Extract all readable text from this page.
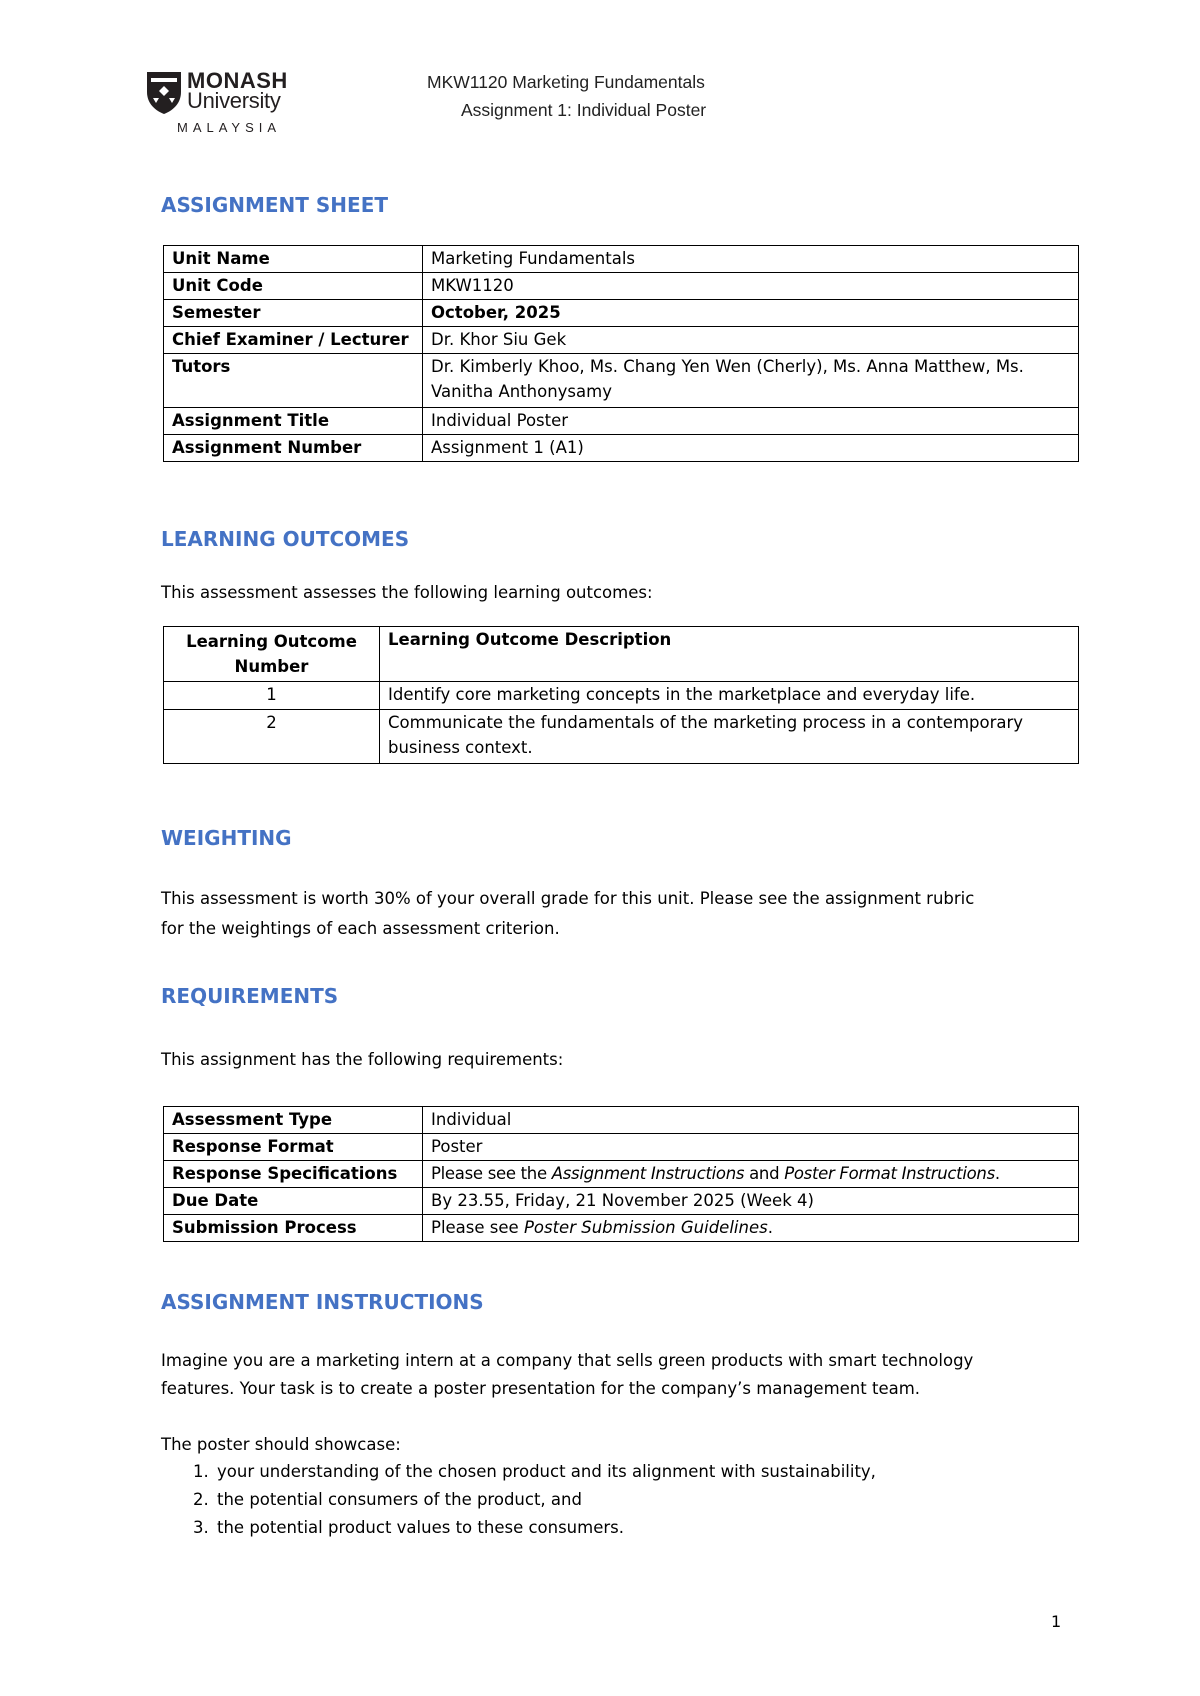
MONASH
University
MALAYSIA
MKW1120 Marketing Fundamentals
Assignment 1: Individual Poster
ASSIGNMENT SHEET
Unit Name	Marketing Fundamentals
Unit Code	MKW1120
Semester	October, 2025
Chief Examiner / Lecturer	Dr. Khor Siu Gek
Tutors	Dr. Kimberly Khoo, Ms. Chang Yen Wen (Cherly), Ms. Anna Matthew, Ms. Vanitha Anthonysamy
Assignment Title	Individual Poster
Assignment Number	Assignment 1 (A1)
LEARNING OUTCOMES
This assessment assesses the following learning outcomes:
Learning Outcome Number	Learning Outcome Description
1	Identify core marketing concepts in the marketplace and everyday life.
2	Communicate the fundamentals of the marketing process in a contemporary business context.
WEIGHTING
This assessment is worth 30% of your overall grade for this unit. Please see the assignment rubric
for the weightings of each assessment criterion.
REQUIREMENTS
This assignment has the following requirements:
Assessment Type	Individual
Response Format	Poster
Response Specifications	Please see the Assignment Instructions and Poster Format Instructions.
Due Date	By 23.55, Friday, 21 November 2025 (Week 4)
Submission Process	Please see Poster Submission Guidelines.
ASSIGNMENT INSTRUCTIONS
Imagine you are a marketing intern at a company that sells green products with smart technology
features. Your task is to create a poster presentation for the company’s management team.
The poster should showcase:
1. your understanding of the chosen product and its alignment with sustainability,
2. the potential consumers of the product, and
3. the potential product values to these consumers.
1
